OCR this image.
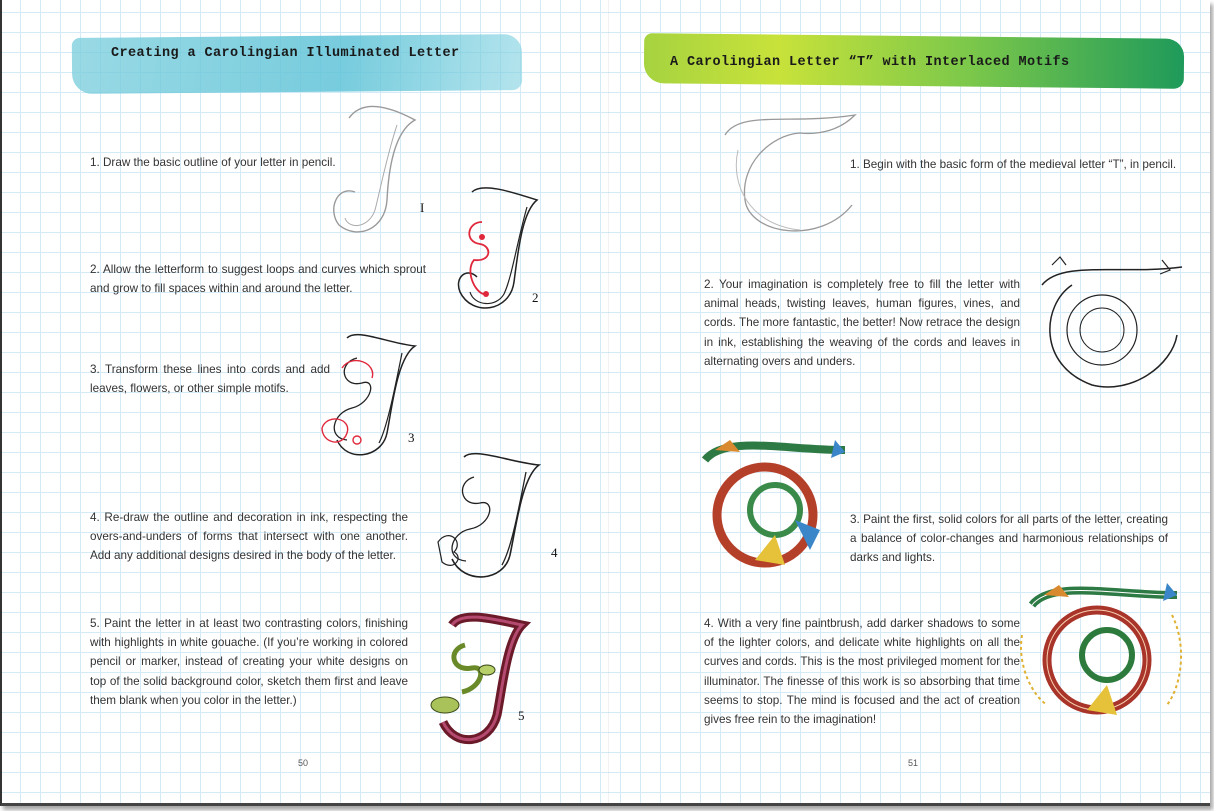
Creating a Carolingian Illuminated Letter
1. Draw the basic outline of your letter in pencil.
2. Allow the letterform to suggest loops and curves which sprout and grow to fill spaces within and around the letter.
3. Transform these lines into cords and add leaves, flowers, or other simple motifs.
4. Re-draw the outline and decoration in ink, respecting the overs-and-unders of forms that intersect with one another. Add any additional designs desired in the body of the letter.
5. Paint the letter in at least two contrasting colors, finishing with highlights in white gouache. (If you’re working in colored pencil or marker, instead of creating your white designs on top of the solid background color, sketch them first and leave them blank when you color in the letter.)
I
2
3
4
5
50
A Carolingian Letter “T” with Interlaced Motifs
1. Begin with the basic form of the medieval letter “T”, in pencil.
2. Your imagination is completely free to fill the letter with animal heads, twisting leaves, human figures, vines, and cords. The more fantastic, the better! Now retrace the design in ink, establishing the weaving of the cords and leaves in alternating overs and unders.
3. Paint the first, solid colors for all parts of the letter, creating a balance of color-changes and harmonious relationships of darks and lights.
4. With a very fine paintbrush, add darker shadows to some of the lighter colors, and delicate white highlights on all the curves and cords. This is the most privileged moment for the illuminator. The finesse of this work is so absorbing that time seems to stop. The mind is focused and the act of creation gives free rein to the imagination!
51
